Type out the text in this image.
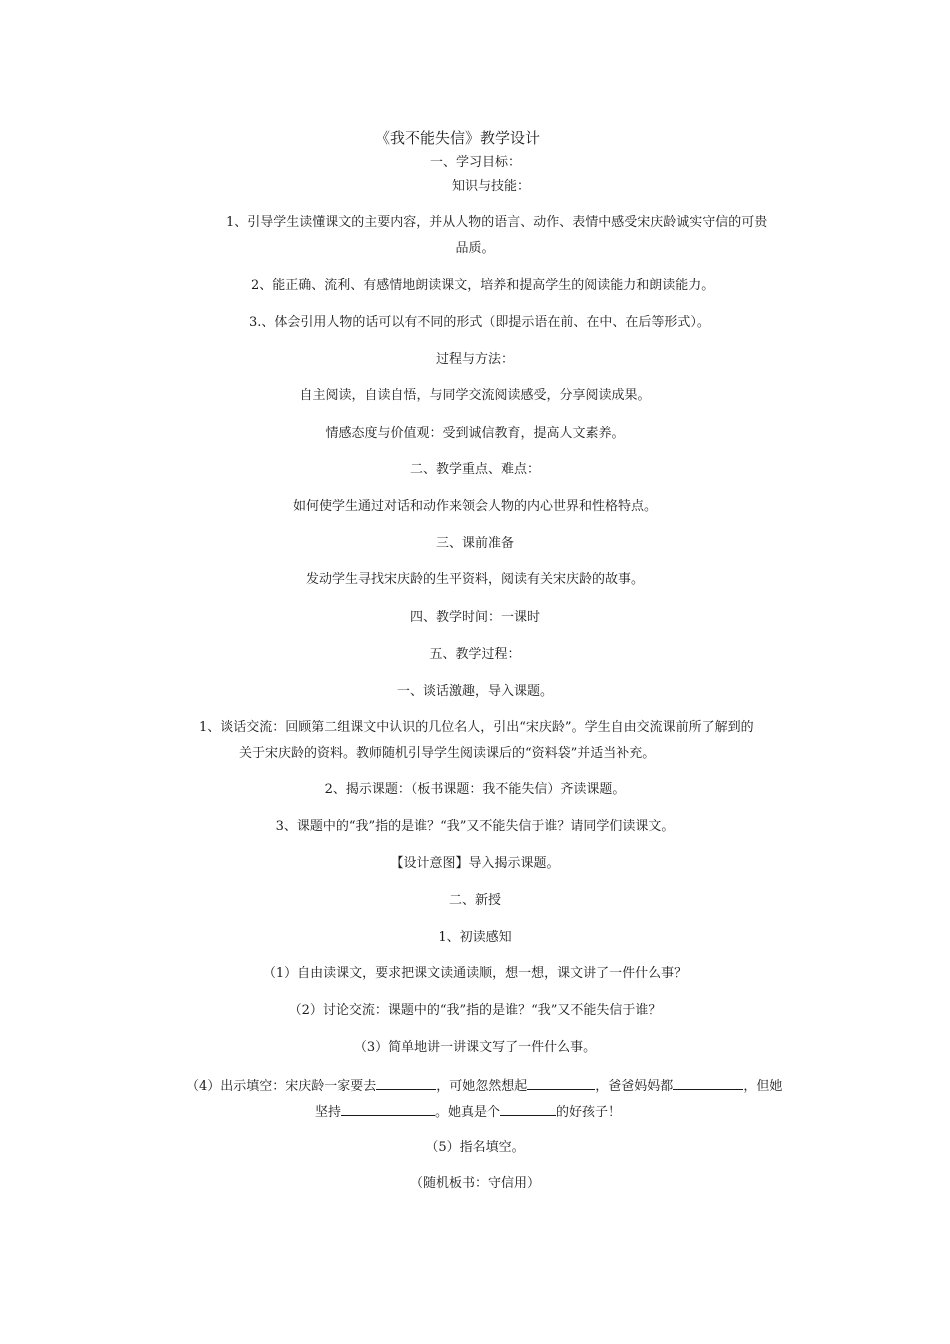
《我不能失信》教学设计
一、学习目标：
知识与技能：
1、引导学生读懂课文的主要内容，并从人物的语言、动作、表情中感受宋庆龄诚实守信的可贵
品质。
2、能正确、流利、有感情地朗读课文，培养和提高学生的阅读能力和朗读能力。
3.、体会引用人物的话可以有不同的形式（即提示语在前、在中、在后等形式）。
过程与方法：
自主阅读，自读自悟，与同学交流阅读感受，分享阅读成果。
情感态度与价值观：受到诚信教育，提高人文素养。
二、教学重点、难点：
如何使学生通过对话和动作来领会人物的内心世界和性格特点。
三、课前准备
发动学生寻找宋庆龄的生平资料，阅读有关宋庆龄的故事。
四、教学时间：一课时
五、教学过程：
一、谈话激趣，导入课题。
1、谈话交流：回顾第二组课文中认识的几位名人，引出“宋庆龄”。学生自由交流课前所了解到的
关于宋庆龄的资料。教师随机引导学生阅读课后的“资料袋”并适当补充。
2、揭示课题：（板书课题：我不能失信）齐读课题。
3、课题中的“我”指的是谁？“我”又不能失信于谁？请同学们读课文。
【设计意图】导入揭示课题。
二、新授
1、初读感知
（1）自由读课文，要求把课文读通读顺，想一想，课文讲了一件什么事？
（2）讨论交流：课题中的“我”指的是谁？“我”又不能失信于谁？
（3）简单地讲一讲课文写了一件什么事。
（4）出示填空：宋庆龄一家要去	，可她忽然想起	，爸爸妈妈都	，但她
坚持	。她真是个	的好孩子！
（5）指名填空。
（随机板书：守信用）
